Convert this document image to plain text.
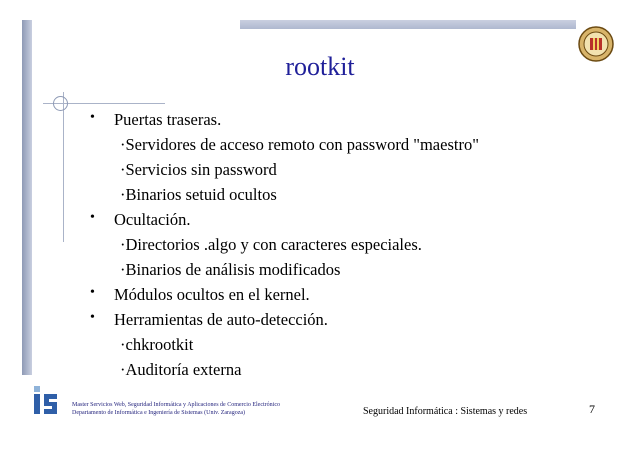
rootkit
• Puertas traseras.
·Servidores de acceso remoto con password "maestro"
·Servicios sin password
·Binarios setuid ocultos
• Ocultación.
·Directorios .algo y con caracteres especiales.
·Binarios de análisis modificados
• Módulos ocultos en el kernel.
• Herramientas de auto-detección.
·chkrootkit
·Auditoría externa
Master Servicios Web, Seguridad Informática y Aplicaciones de Comercio Electrónico
Departamento de Informática e Ingeniería de Sistemas (Univ. Zaragoza)	Seguridad Informática : Sistemas y redes	7
